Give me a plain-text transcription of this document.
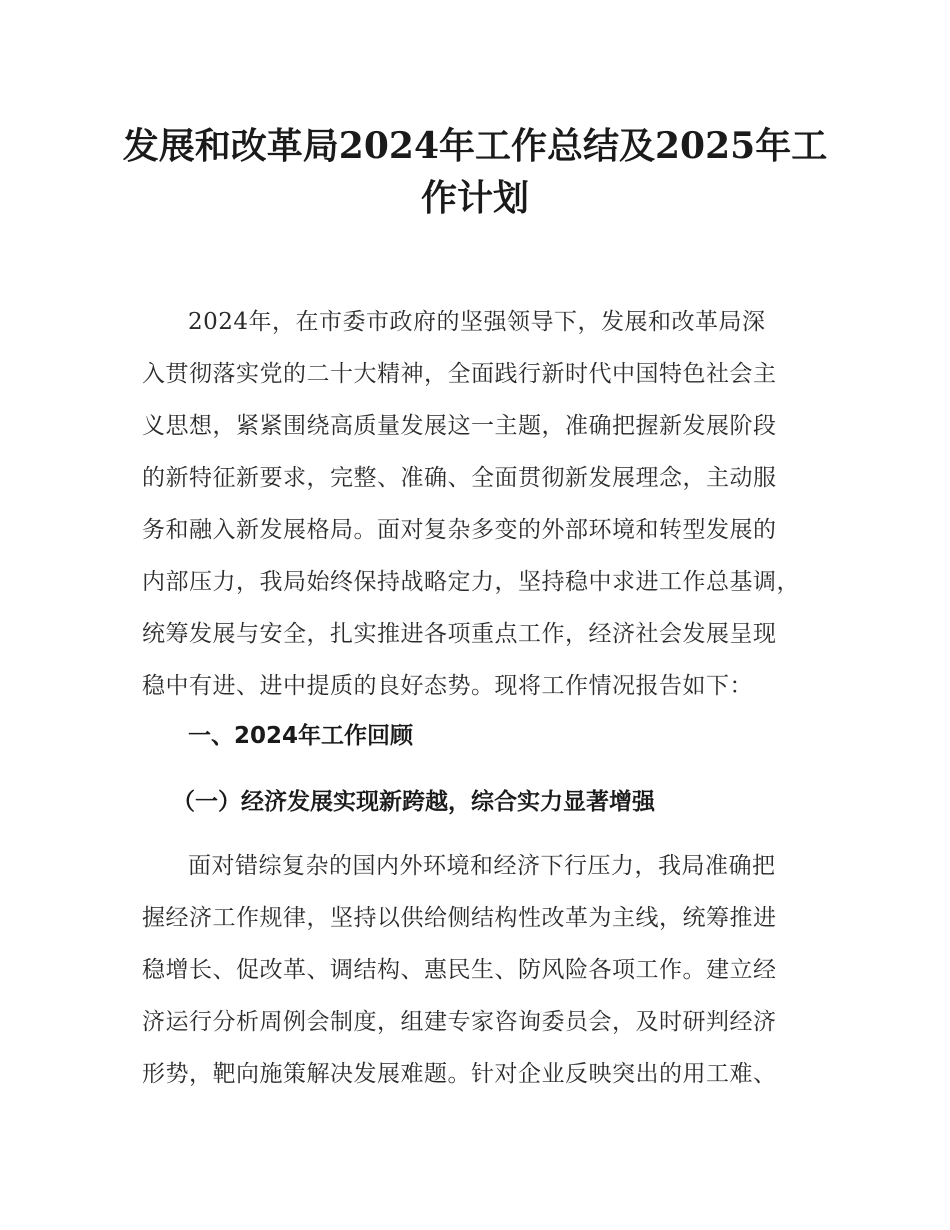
发展和改革局2024年工作总结及2025年工
作计划
2024年，在市委市政府的坚强领导下，发展和改革局深
入贯彻落实党的二十大精神，全面践行新时代中国特色社会主
义思想，紧紧围绕高质量发展这一主题，准确把握新发展阶段
的新特征新要求，完整、准确、全面贯彻新发展理念，主动服
务和融入新发展格局。面对复杂多变的外部环境和转型发展的
内部压力，我局始终保持战略定力，坚持稳中求进工作总基调，
统筹发展与安全，扎实推进各项重点工作，经济社会发展呈现
稳中有进、进中提质的良好态势。现将工作情况报告如下：
一、2024年工作回顾
（一）经济发展实现新跨越，综合实力显著增强
面对错综复杂的国内外环境和经济下行压力，我局准确把
握经济工作规律，坚持以供给侧结构性改革为主线，统筹推进
稳增长、促改革、调结构、惠民生、防风险各项工作。建立经
济运行分析周例会制度，组建专家咨询委员会，及时研判经济
形势，靶向施策解决发展难题。针对企业反映突出的用工难、
